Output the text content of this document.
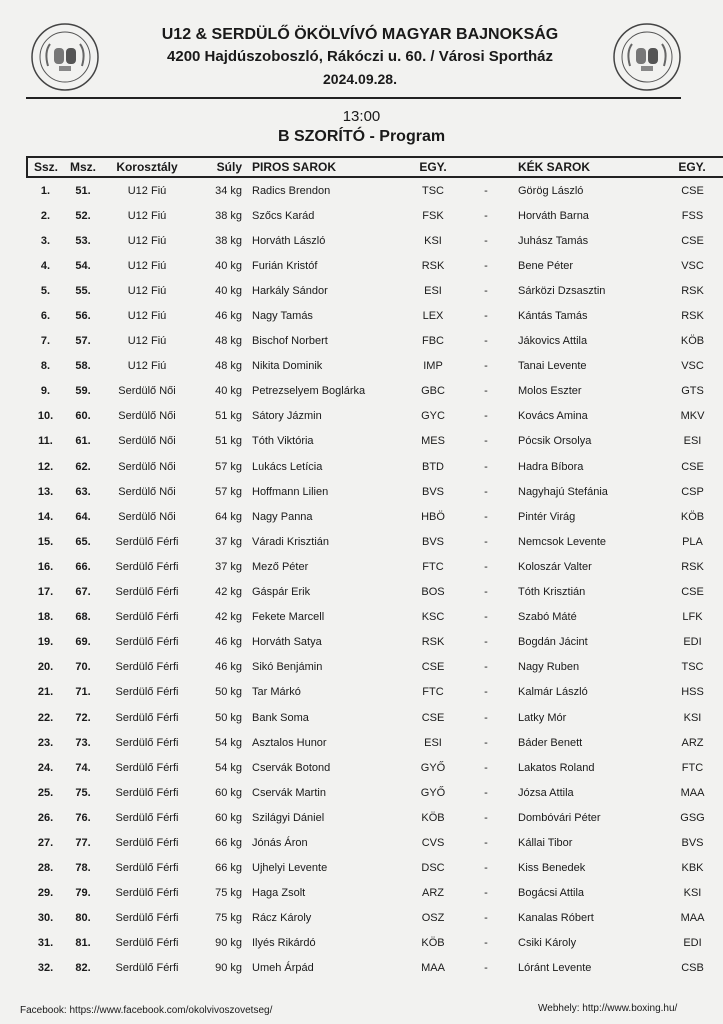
U12 & SERDÜLŐ ÖKÖLVÍVÓ MAGYAR BAJNOKSÁG
4200 Hajdúszoboszló, Rákóczi u. 60. / Városi Sportház
2024.09.28.
13:00
B SZORÍTÓ - Program
Ssz.	Msz.	Korosztály	Súly	PIROS SAROK	EGY.		KÉK SAROK	EGY.
1.	51.	U12 Fiú	34 kg	Radics Brendon	TSC	-	Görög László	CSE
2.	52.	U12 Fiú	38 kg	Szőcs Karád	FSK	-	Horváth Barna	FSS
3.	53.	U12 Fiú	38 kg	Horváth László	KSI	-	Juhász Tamás	CSE
4.	54.	U12 Fiú	40 kg	Furián Kristóf	RSK	-	Bene Péter	VSC
5.	55.	U12 Fiú	40 kg	Harkály Sándor	ESI	-	Sárközi Dzsasztin	RSK
6.	56.	U12 Fiú	46 kg	Nagy Tamás	LEX	-	Kántás Tamás	RSK
7.	57.	U12 Fiú	48 kg	Bischof Norbert	FBC	-	Jákovics Attila	KÖB
8.	58.	U12 Fiú	48 kg	Nikita Dominik	IMP	-	Tanai Levente	VSC
9.	59.	Serdülő Női	40 kg	Petrezselyem Boglárka	GBC	-	Molos Eszter	GTS
10.	60.	Serdülő Női	51 kg	Sátory Jázmin	GYC	-	Kovács Amina	MKV
11.	61.	Serdülő Női	51 kg	Tóth Viktória	MES	-	Pócsik Orsolya	ESI
12.	62.	Serdülő Női	57 kg	Lukács Letícia	BTD	-	Hadra Bíbora	CSE
13.	63.	Serdülő Női	57 kg	Hoffmann Lilien	BVS	-	Nagyhajú Stefánia	CSP
14.	64.	Serdülő Női	64 kg	Nagy Panna	HBÖ	-	Pintér Virág	KÖB
15.	65.	Serdülő Férfi	37 kg	Váradi Krisztián	BVS	-	Nemcsok Levente	PLA
16.	66.	Serdülő Férfi	37 kg	Mező Péter	FTC	-	Koloszár Valter	RSK
17.	67.	Serdülő Férfi	42 kg	Gáspár Erik	BOS	-	Tóth Krisztián	CSE
18.	68.	Serdülő Férfi	42 kg	Fekete Marcell	KSC	-	Szabó Máté	LFK
19.	69.	Serdülő Férfi	46 kg	Horváth Satya	RSK	-	Bogdán Jácint	EDI
20.	70.	Serdülő Férfi	46 kg	Sikó Benjámin	CSE	-	Nagy Ruben	TSC
21.	71.	Serdülő Férfi	50 kg	Tar Márkó	FTC	-	Kalmár László	HSS
22.	72.	Serdülő Férfi	50 kg	Bank Soma	CSE	-	Latky Mór	KSI
23.	73.	Serdülő Férfi	54 kg	Asztalos Hunor	ESI	-	Báder Benett	ARZ
24.	74.	Serdülő Férfi	54 kg	Cservák Botond	GYŐ	-	Lakatos Roland	FTC
25.	75.	Serdülő Férfi	60 kg	Cservák Martin	GYŐ	-	Józsa Attila	MAA
26.	76.	Serdülő Férfi	60 kg	Szilágyi Dániel	KÖB	-	Dombóvári Péter	GSG
27.	77.	Serdülő Férfi	66 kg	Jónás Áron	CVS	-	Kállai Tibor	BVS
28.	78.	Serdülő Férfi	66 kg	Ujhelyi Levente	DSC	-	Kiss Benedek	KBK
29.	79.	Serdülő Férfi	75 kg	Haga Zsolt	ARZ	-	Bogácsi Attila	KSI
30.	80.	Serdülő Férfi	75 kg	Rácz Károly	OSZ	-	Kanalas Róbert	MAA
31.	81.	Serdülő Férfi	90 kg	Ilyés Rikárdó	KÖB	-	Csiki Károly	EDI
32.	82.	Serdülő Férfi	90 kg	Umeh Árpád	MAA	-	Lóránt Levente	CSB
Facebook: https://www.facebook.com/okolvivoszovetseg/	Webhely: http://www.boxing.hu/
